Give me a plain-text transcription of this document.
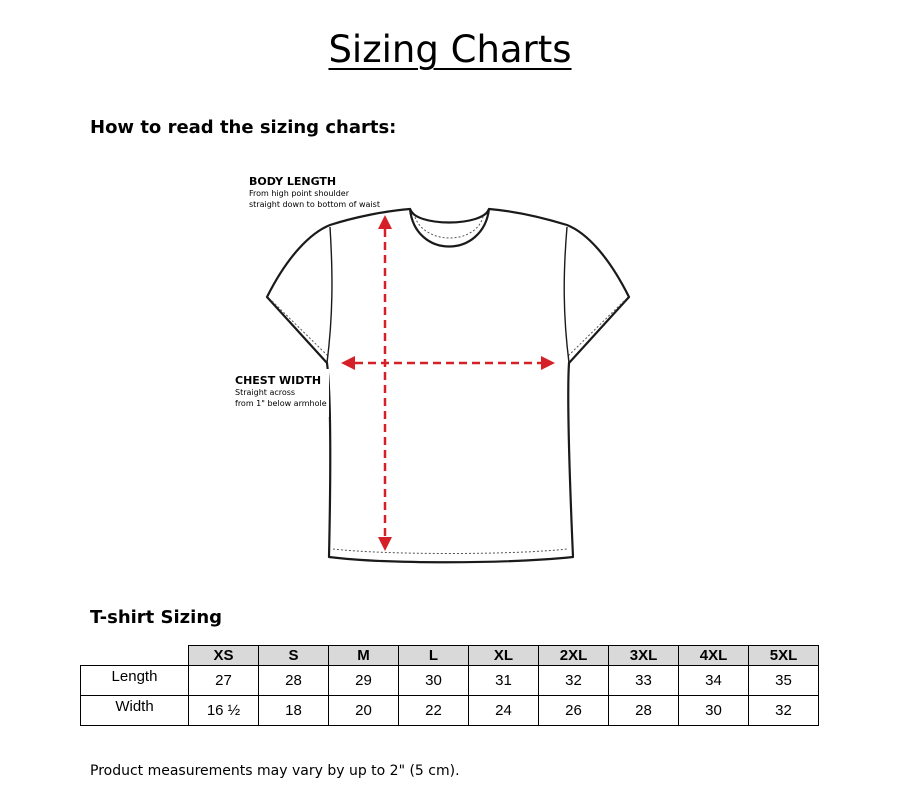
Sizing Charts
How to read the sizing charts:
BODY LENGTH
From high point shoulder
straight down to bottom of waist
CHEST WIDTH
Straight across
from 1" below armhole
T-shirt Sizing
	XS	S	M	L	XL	2XL	3XL	4XL	5XL
Length	27	28	29	30	31	32	33	34	35
Width	16 ½	18	20	22	24	26	28	30	32
Product measurements may vary by up to 2" (5 cm).
